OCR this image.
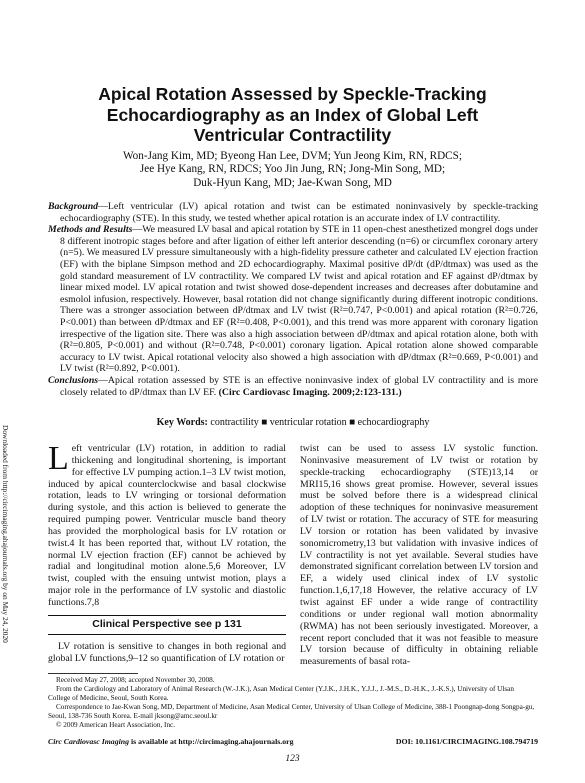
Apical Rotation Assessed by Speckle-Tracking Echocardiography as an Index of Global Left Ventricular Contractility
Won-Jang Kim, MD; Byeong Han Lee, DVM; Yun Jeong Kim, RN, RDCS;
Jee Hye Kang, RN, RDCS; Yoo Jin Jung, RN; Jong-Min Song, MD;
Duk-Hyun Kang, MD; Jae-Kwan Song, MD

Background—Left ventricular (LV) apical rotation and twist can be estimated noninvasively by speckle-tracking echocardiography (STE). In this study, we tested whether apical rotation is an accurate index of LV contractility.

Methods and Results—We measured LV basal and apical rotation by STE in 11 open-chest anesthetized mongrel dogs under 8 different inotropic stages before and after ligation of either left anterior descending (n=6) or circumflex coronary artery (n=5). We measured LV pressure simultaneously with a high-fidelity pressure catheter and calculated LV ejection fraction (EF) with the biplane Simpson method and 2D echocardiography. Maximal positive dP/dt (dP/dtmax) was used as the gold standard measurement of LV contractility. We compared LV twist and apical rotation and EF against dP/dtmax by linear mixed model. LV apical rotation and twist showed dose-dependent increases and decreases after dobutamine and esmolol infusion, respectively. However, basal rotation did not change significantly during different inotropic conditions. There was a stronger association between dP/dtmax and LV twist (R²=0.747, P<0.001) and apical rotation (R²=0.726, P<0.001) than between dP/dtmax and EF (R²=0.408, P<0.001), and this trend was more apparent with coronary ligation irrespective of the ligation site. There was also a high association between dP/dtmax and apical rotation alone, both with (R²=0.805, P<0.001) and without (R²=0.748, P<0.001) coronary ligation. Apical rotation alone showed comparable accuracy to LV twist. Apical rotational velocity also showed a high association with dP/dtmax (R²=0.669, P<0.001) and LV twist (R²=0.892, P<0.001).

Conclusions—Apical rotation assessed by STE is an effective noninvasive index of global LV contractility and is more closely related to dP/dtmax than LV EF. (Circ Cardiovasc Imaging. 2009;2:123-131.)

Key Words: contractility ■ ventricular rotation ■ echocardiography
Downloaded from http://circimaging.ahajournals.org by on May 24, 2020 Left ventricular (LV) rotation, in addition to radial thickening and longitudinal shortening, is important for effective LV pumping action.1–3 LV twist motion, induced by apical counterclockwise and basal clockwise rotation, leads to LV wringing or torsional deformation during systole, and this action is believed to generate the required pumping power. Ventricular muscle band theory has provided the morphological basis for LV rotation or twist.4 It has been reported that, without LV rotation, the normal LV ejection fraction (EF) cannot be achieved by radial and longitudinal motion alone.5,6 Moreover, LV twist, coupled with the ensuing untwist motion, plays a major role in the performance of LV systolic and diastolic functions.7,8

Clinical Perspective see p 131

LV rotation is sensitive to changes in both regional and global LV functions,9–12 so quantification of LV rotation or

twist can be used to assess LV systolic function. Noninvasive measurement of LV twist or rotation by speckle-tracking echocardiography (STE)13,14 or MRI15,16 shows great promise. However, several issues must be solved before there is a widespread clinical adoption of these techniques for noninvasive measurement of LV twist or rotation. The accuracy of STE for measuring LV torsion or rotation has been validated by invasive sonomicrometry,13 but validation with invasive indices of LV contractility is not yet available. Several studies have demonstrated significant correlation between LV torsion and EF, a widely used clinical index of LV systolic function.1,6,17,18 However, the relative accuracy of LV twist against EF under a wide range of contractility conditions or under regional wall motion abnormality (RWMA) has not been seriously investigated. Moreover, a recent report concluded that it was not feasible to measure LV torsion because of difficulty in obtaining reliable measurements of basal rota-

Received May 27, 2008; accepted November 30, 2008.

From the Cardiology and Laboratory of Animal Research (W.-J.K.), Asan Medical Center (Y.J.K., J.H.K., Y.J.J., J.-M.S., D.-H.K., J.-K.S.), University of Ulsan College of Medicine, Seoul, South Korea.

Correspondence to Jae-Kwan Song, MD, Department of Medicine, Asan Medical Center, University of Ulsan College of Medicine, 388-1 Poongnap-dong Songpa-gu, Seoul, 138-736 South Korea. E-mail jksong@amc.seoul.kr

© 2009 American Heart Association, Inc.

Circ Cardiovasc Imaging is available at http://circimaging.ahajournals.org	DOI: 10.1161/CIRCIMAGING.108.794719
123
